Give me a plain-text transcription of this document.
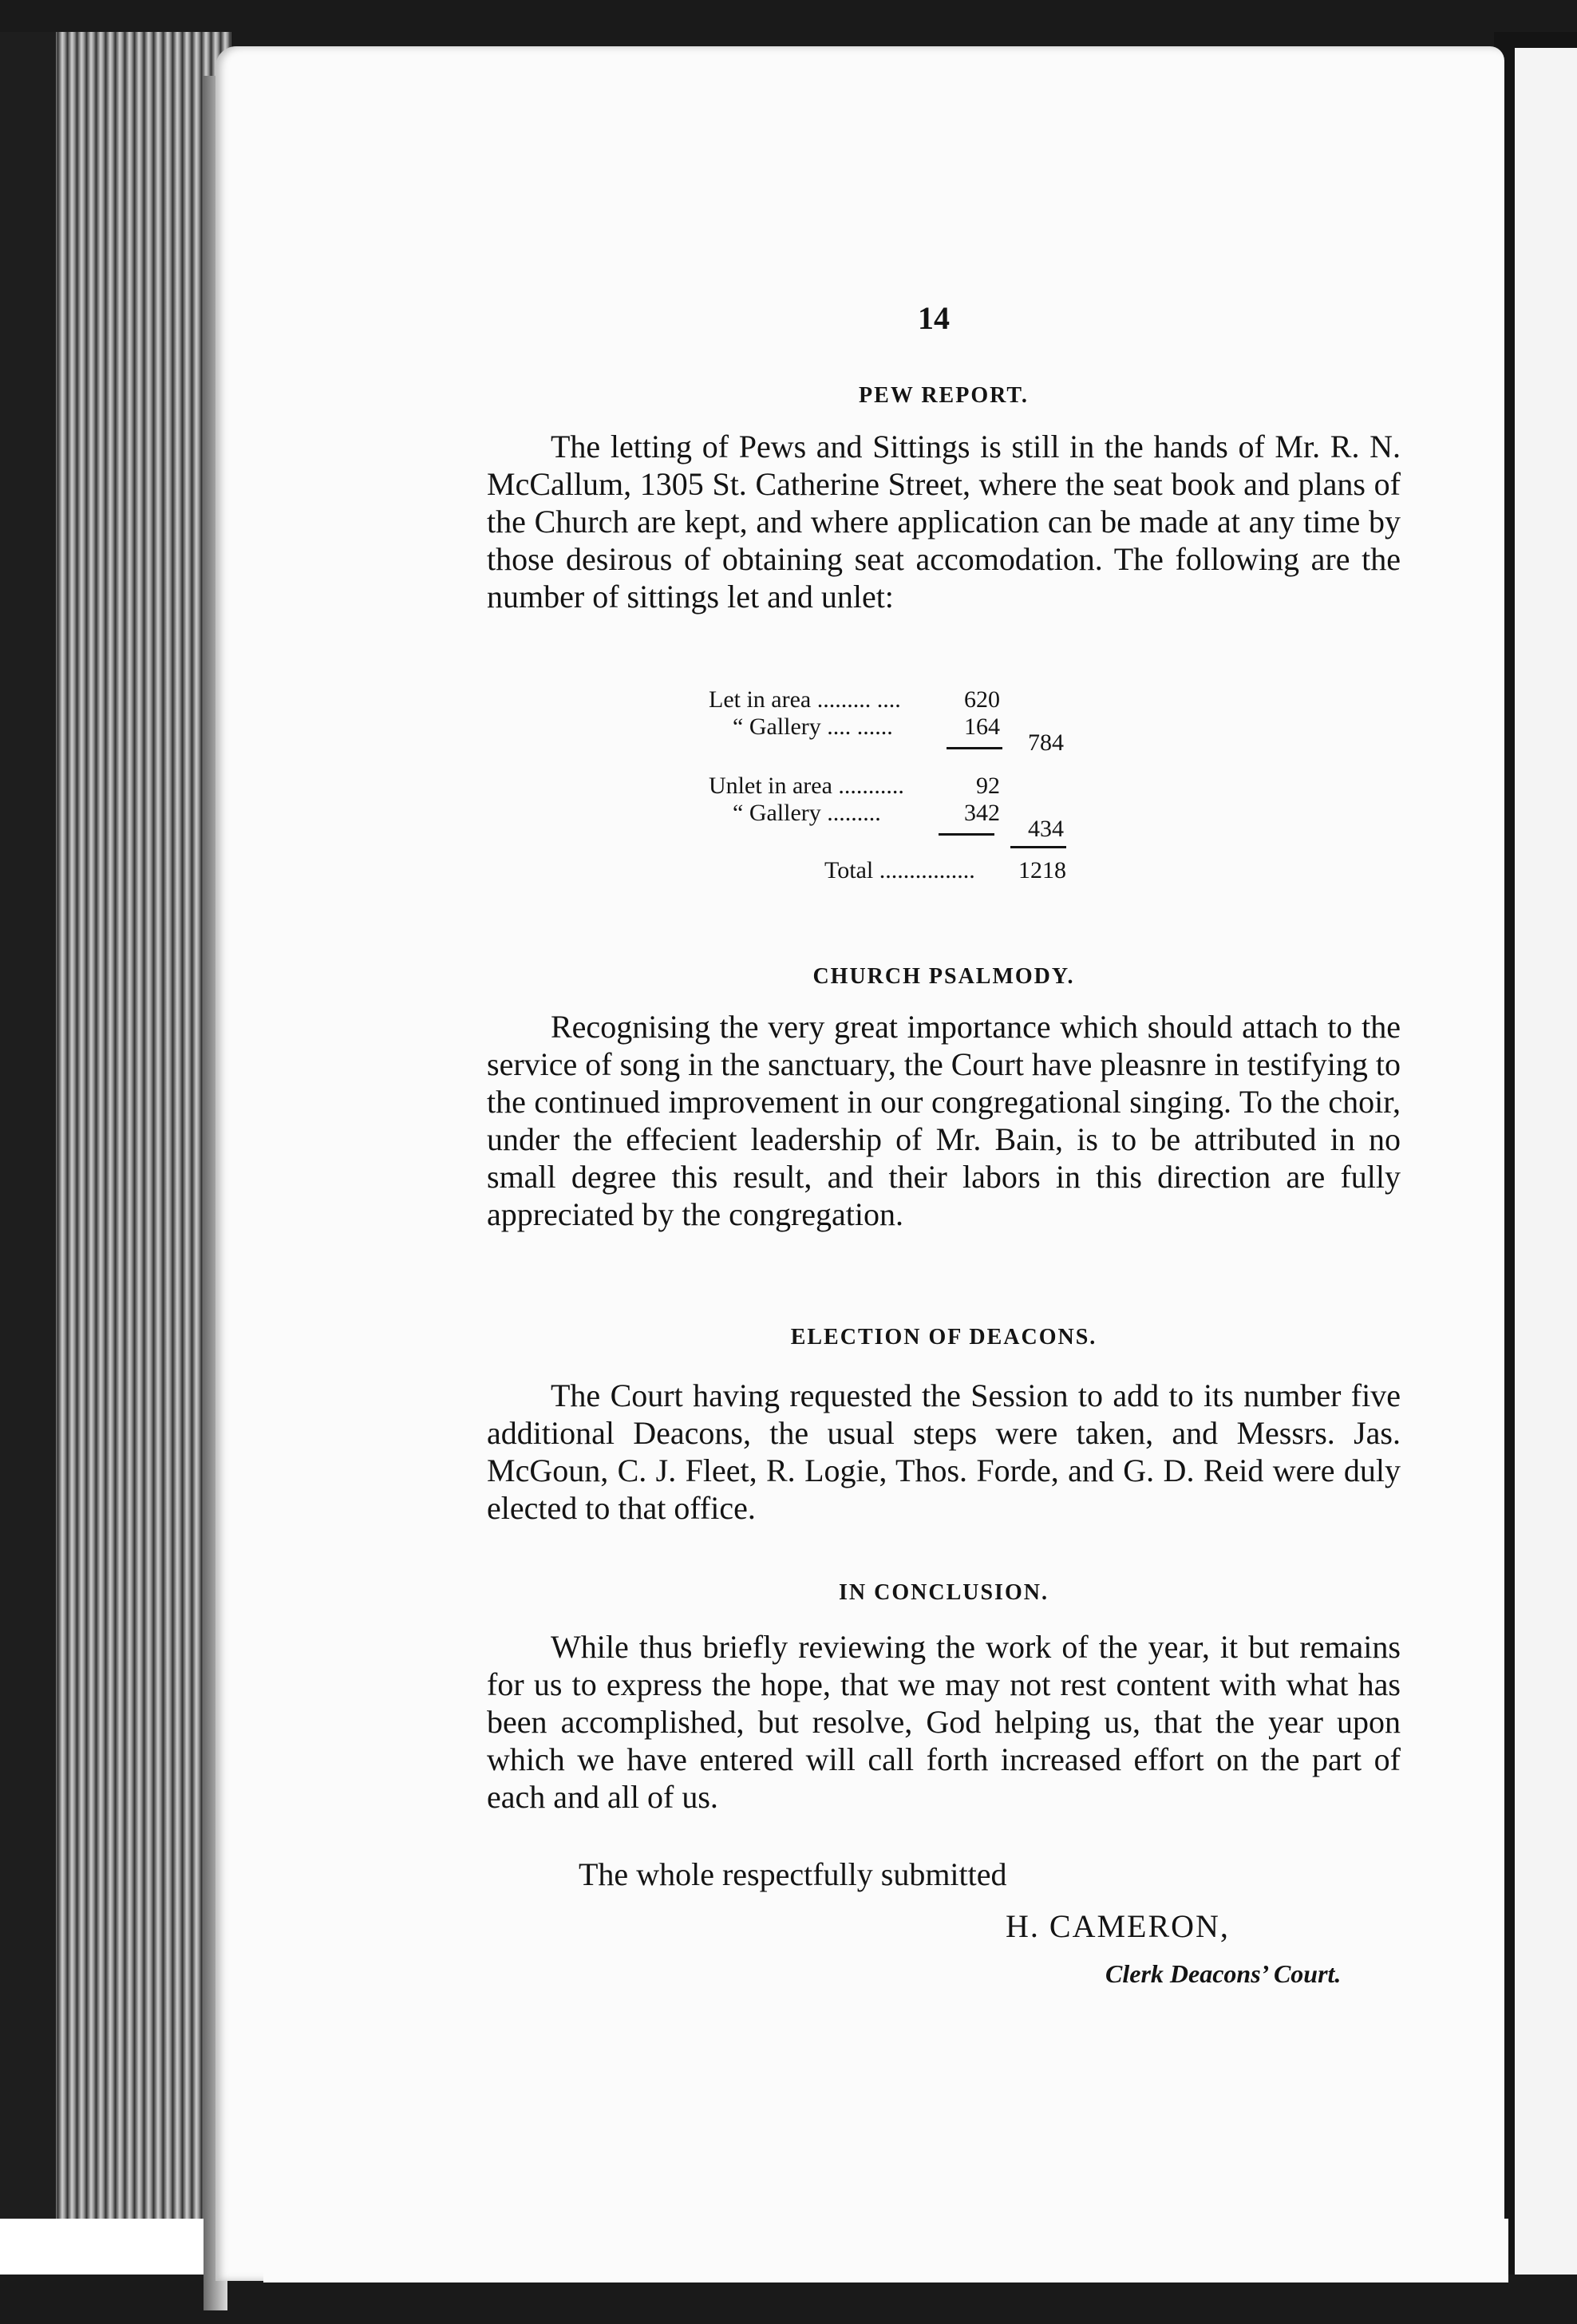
14
PEW REPORT.

The letting of Pews and Sittings is still in the hands of Mr. R. N. McCallum, 1305 St. Catherine Street, where the seat book and plans of the Church are kept, and where application can be made at any time by those desirous of obtaining seat accomodation. The following are the number of sittings let and unlet:

Let in area ......... ....	620
“ Gallery .... ......	164
784
Unlet in area ...........	92
“ Gallery .........	342
434
Total ................	1218
CHURCH PSALMODY.

Recognising the very great importance which should attach to the service of song in the sanctuary, the Court have pleasnre in testifying to the continued improvement in our congregational singing. To the choir, under the effecient leadership of Mr. Bain, is to be attributed in no small degree this result, and their labors in this direction are fully appreciated by the congregation.

ELECTION OF DEACONS.

The Court having requested the Session to add to its number five additional Deacons, the usual steps were taken, and Messrs. Jas. McGoun, C. J. Fleet, R. Logie, Thos. Forde, and G. D. Reid were duly elected to that office.

IN CONCLUSION.

While thus briefly reviewing the work of the year, it but remains for us to express the hope, that we may not rest content with what has been accomplished, but resolve, God helping us, that the year upon which we have entered will call forth increased effort on the part of each and all of us.

The whole respectfully submitted
H. CAMERON,
Clerk Deacons’ Court.
